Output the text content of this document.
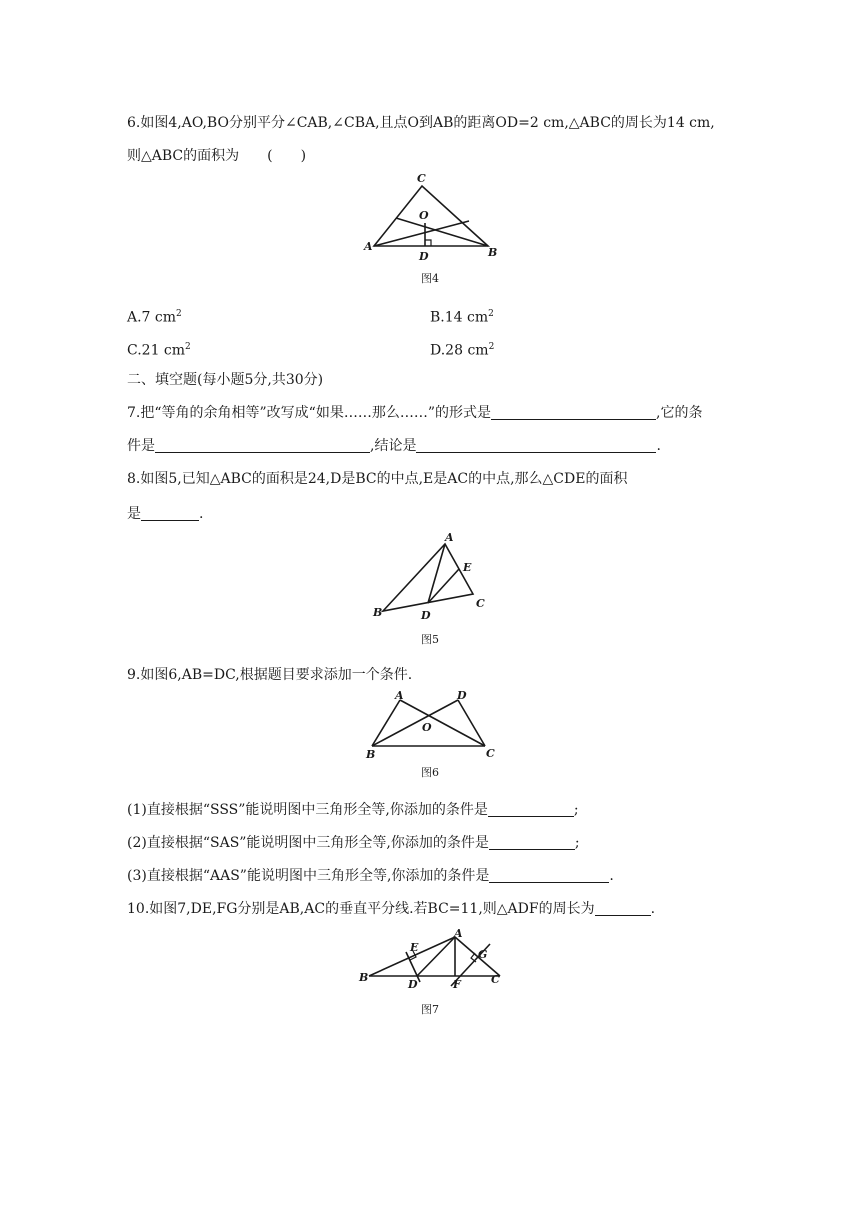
6.如图4,AO,BO分别平分∠CAB,∠CBA,且点O到AB的距离OD=2 cm,△ABC的周长为14 cm,
则△ABC的面积为　　(　　)
A	B
C
O
D
图4
A.7 $cm^2$	B.14 $cm^2$
C.21 $cm^2$	D.28 $cm^2$
二、填空题(每小题5分,共30分)
7.把“等角的余角相等”改写成“如果……那么……”的形式是	,它的条
件是	,结论是	.
8.如图5,已知△ABC的面积是24,D是BC的中点,E是AC的中点,那么△CDE的面积
是	.
A
B
C
D
E
图5
9.如图6,AB=DC,根据题目要求添加一个条件.
A
B	C
D
O
图6
(1)直接根据“SSS”能说明图中三角形全等,你添加的条件是	;
(2)直接根据“SAS”能说明图中三角形全等,你添加的条件是	;
(3)直接根据“AAS”能说明图中三角形全等,你添加的条件是	.
10.如图7,DE,FG分别是AB,AC的垂直平分线.若BC=11,则△ADF的周长为	.
A
B	C
D
E
F
G
图7
